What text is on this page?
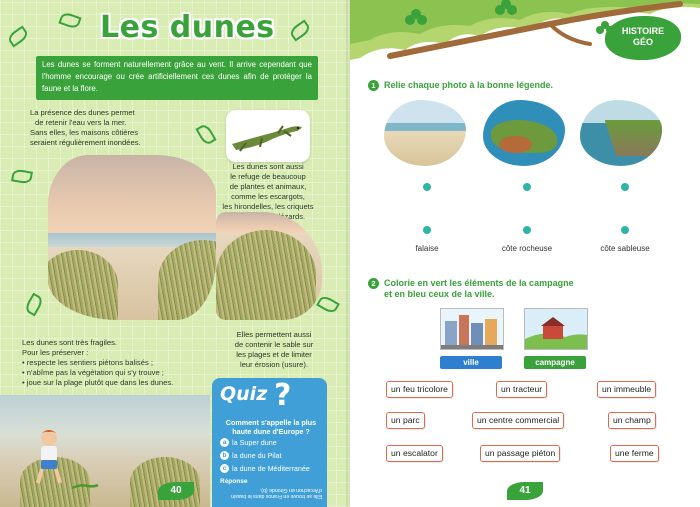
Les dunes
Les dunes se forment naturellement grâce au vent. Il arrive cependant que l'homme encourage ou crée artificiellement ces dunes afin de protéger la faune et la flore.
La présence des dunes permet
de retenir l'eau vers la mer.
Sans elles, les maisons côtières
seraient régulièrement inondées.
Les dunes sont aussi
le refuge de beaucoup
de plantes et animaux,
comme les escargots,
les hirondelles, les criquets
Les dunes sont très fragiles.
Pour les préserver :
• respecte les sentiers piétons balisés ;
• n'abîme pas la végétation qui s'y trouve ;
• joue sur la plage plutôt que dans les dunes.
Elles permettent aussi
de contenir le sable sur
les plages et de limiter
leur érosion (usure).
Quiz ?
Comment s'appelle la plus haute dune d'Europe ?
a la Super dune
b la dune du Pilat
c la dune de Méditerranée
Réponse
Elle se trouve en France dans le bassin d'Arcachon en Gironde (b).
40
HISTOIRE
GÉO
1 Relie chaque photo à la bonne légende.
falaise	côte rocheuse	côte sableuse
2 Colorie en vert les éléments de la campagne
et en bleu ceux de la ville.
ville	campagne
un feu tricolore	un tracteur	un immeuble
un parc	un centre commercial	un champ
un escalator	un passage piéton	une ferme
41
